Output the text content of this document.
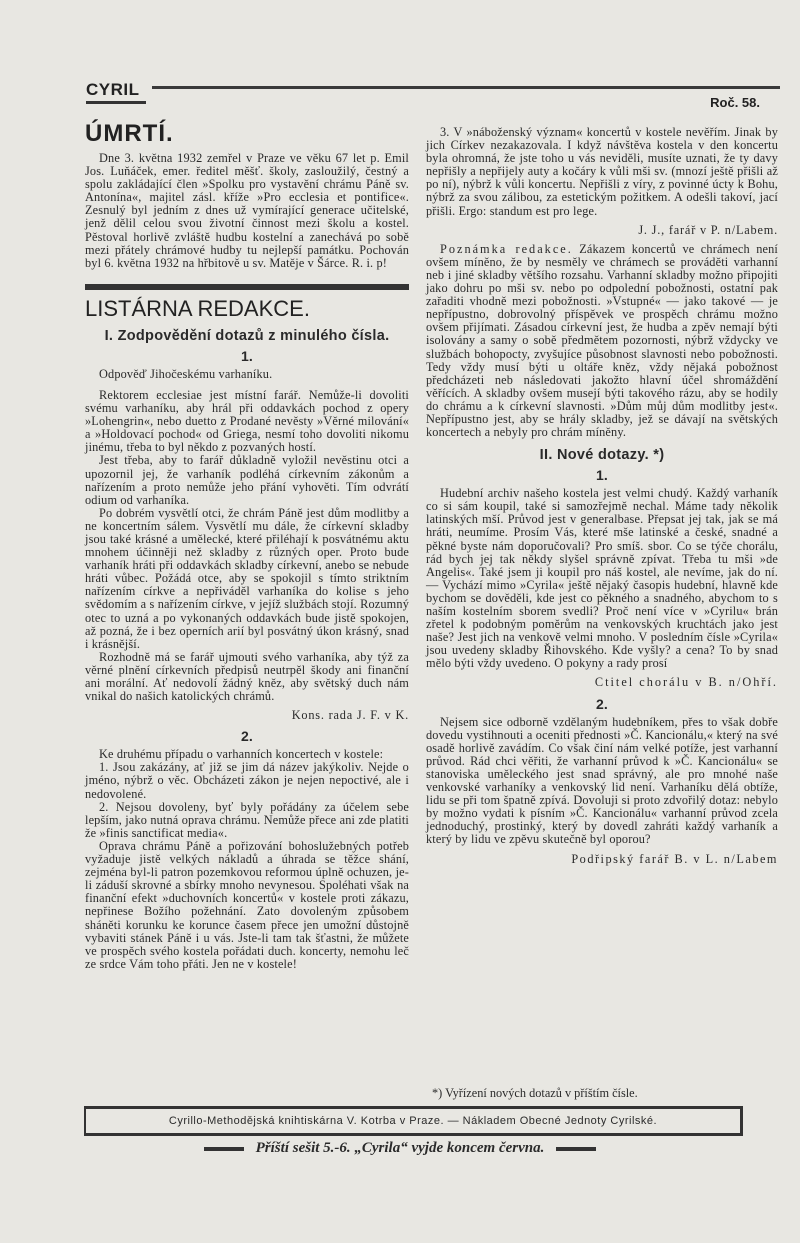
CYRIL
Roč. 58.
ÚMRTÍ.

Dne 3. května 1932 zemřel v Praze ve věku 67 let p. Emil Jos. Luňáček, emer. ředitel měšť. školy, zasloužilý, čestný a spolu zakládající člen »Spolku pro vystavění chrámu Páně sv. Antonína«, majitel zásl. kříže »Pro ecclesia et pontifice«. Zesnulý byl jedním z dnes už vymírající generace učitelské, jenž dělil celou svou životní činnost mezi školu a kostel. Pěstoval horlivě zvláště hudbu kostelní a zanechává po sobě mezi přátely chrámové hudby tu nejlepší památku. Pochován byl 6. května 1932 na hřbitově u sv. Matěje v Šárce. R. i. p!

LISTÁRNA REDAKCE.
I. Zodpovědění dotazů z minulého čísla.
1.

Odpověď Jihočeskému varhaníku.

Rektorem ecclesiae jest místní farář. Nemůže-li dovoliti svému varhaníku, aby hrál při oddavkách pochod z opery »Lohengrin«, nebo duetto z Prodané nevěsty »Věrné milování« a »Holdovací pochod« od Griega, nesmí toho dovoliti nikomu jinému, třeba to byl někdo z pozvaných hostí.

Jest třeba, aby to farář důkladně vyložil nevěstinu otci a upozornil jej, že varhaník podléhá církevním zákonům a nařízením a proto nemůže jeho přání vyhověti. Tím odvrátí odium od varhaníka.

Po dobrém vysvětlí otci, že chrám Páně jest dům modlitby a ne koncertním sálem. Vysvětlí mu dále, že církevní skladby jsou také krásné a umělecké, které přiléhají k posvátnému aktu mnohem účinněji než skladby z různých oper. Proto bude varhaník hráti při oddavkách skladby církevní, anebo se nebude hráti vůbec. Požádá otce, aby se spokojil s tímto striktním nařízením církve a nepřiváděl varhaníka do kolise s jeho svědomím a s nařízením církve, v jejíž službách stojí. Rozumný otec to uzná a po vykonaných oddavkách bude jistě spokojen, až pozná, že i bez operních arií byl posvátný úkon krásný, snad i krásnější.

Rozhodně má se farář ujmouti svého varhaníka, aby týž za věrné plnění církevních předpisů neutrpěl škody ani finanční ani morální. Ať nedovolí žádný kněz, aby světský duch nám vnikal do našich katolických chrámů.

Kons. rada J. F. v K.
2.

Ke druhému případu o varhanních koncertech v kostele:

1. Jsou zakázány, ať již se jim dá název jakýkoliv. Nejde o jméno, nýbrž o věc. Obcházeti zákon je nejen nepoctivé, ale i nedovolené.

2. Nejsou dovoleny, byť byly pořádány za účelem sebe lepším, jako nutná oprava chrámu. Nemůže přece ani zde platiti že »finis sanctificat media«.

Oprava chrámu Páně a pořizování bohoslužebných potřeb vyžaduje jistě velkých nákladů a úhrada se těžce shání, zejména byl-li patron pozemkovou reformou úplně ochuzen, je-li záduší skrovné a sbírky mnoho nevynesou. Spoléhati však na finanční efekt »duchovních koncertů« v kostele proti zákazu, nepřinese Božího požehnání. Zato dovoleným způsobem sháněti korunku ke korunce časem přece jen umožní důstojně vybaviti stánek Páně i u vás. Jste-li tam tak šťastni, že můžete ve prospěch svého kostela pořádati duch. koncerty, nemohu leč ze srdce Vám toho přáti. Jen ne v kostele!

3. V »náboženský význam« koncertů v kostele nevěřím. Jinak by jich Církev nezakazovala. I když návštěva kostela v den koncertu byla ohromná, že jste toho u vás neviděli, musíte uznati, že ty davy nepřišly a nepřijely auty a kočáry k vůli mši sv. (mnozí ještě přišli až po ní), nýbrž k vůli koncertu. Nepřišli z víry, z povinné úcty k Bohu, nýbrž za svou zálibou, za estetickým požitkem. A odešli takoví, jací přišli. Ergo: standum est pro lege.

J. J., farář v P. n/Labem.

Poznámka redakce. Zákazem koncertů ve chrámech není ovšem míněno, že by nesměly ve chrámech se prováděti varhanní neb i jiné skladby většího rozsahu. Varhanní skladby možno připojiti jako dohru po mši sv. nebo po odpolední pobožnosti, ostatní pak zařaditi vhodně mezi pobožnosti. »Vstupné« — jako takové — je nepřípustno, dobrovolný příspěvek ve prospěch chrámu možno ovšem přijímati. Zásadou církevní jest, že hudba a zpěv nemají býti isolovány a samy o sobě předmětem pozornosti, nýbrž vždycky ve službách bohopocty, zvyšujíce působnost slavnosti nebo pobožnosti. Tedy vždy musí býti u oltáře kněz, vždy nějaká pobožnost předcházeti neb následovati jakožto hlavní účel shromáždění věřících. A skladby ovšem musejí býti takového rázu, aby se hodily do chrámu a k církevní slavnosti. »Dům můj dům modlitby jest«. Nepřípustno jest, aby se hrály skladby, jež se dávají na světských koncertech a nebyly pro chrám míněny.

II. Nové dotazy. *)
1.

Hudební archiv našeho kostela jest velmi chudý. Každý varhaník co si sám koupil, také si samozřejmě nechal. Máme tady několik latinských mší. Průvod jest v generalbase. Přepsat jej tak, jak se má hráti, neumíme. Prosím Vás, které mše latinské a české, snadné a pěkné byste nám doporučovali? Pro smíš. sbor. Co se týče chorálu, rád bych jej tak někdy slyšel správně zpívat. Třeba tu mši »de Angelis«. Také jsem ji koupil pro náš kostel, ale nevíme, jak do ní. — Vychází mimo »Cyrila« ještě nějaký časopis hudební, hlavně kde bychom se dověděli, kde jest co pěkného a snadného, abychom to s naším kostelním sborem svedli? Proč není více v »Cyrilu« brán zřetel k podobným poměrům na venkovských kruchtách jako jest naše? Jest jich na venkově velmi mnoho. V posledním čísle »Cyrila« jsou uvedeny skladby Řihovského. Kde vyšly? a cena? To by snad mělo býti vždy uvedeno. O pokyny a rady prosí

Ctitel chorálu v B. n/Ohří.
2.

Nejsem sice odborně vzdělaným hudebníkem, přes to však dobře dovedu vystihnouti a oceniti přednosti »Č. Kancionálu,« který na své osadě horlivě zavádím. Co však činí nám velké potíže, jest varhanní průvod. Rád chci věřiti, že varhanní průvod k »Č. Kancionálu« se stanoviska uměleckého jest snad správný, ale pro mnohé naše venkovské varhaníky a venkovský lid není. Varhaníku dělá obtíže, lidu se při tom špatně zpívá. Dovoluji si proto zdvořilý dotaz: nebylo by možno vydati k písním »Č. Kancionálu« varhanní průvod zcela jednoduchý, prostinký, který by dovedl zahráti každý varhaník a který by lidu ve zpěvu skutečně byl oporou?

Podřipský farář B. v L. n/Labem
*) Vyřízení nových dotazů v příštím čísle.
Cyrillo-Methodějská knihtiskárna V. Kotrba v Praze. — Nákladem Obecné Jednoty Cyrilské.
Příští sešit 5.-6. „Cyrila“ vyjde koncem června.
